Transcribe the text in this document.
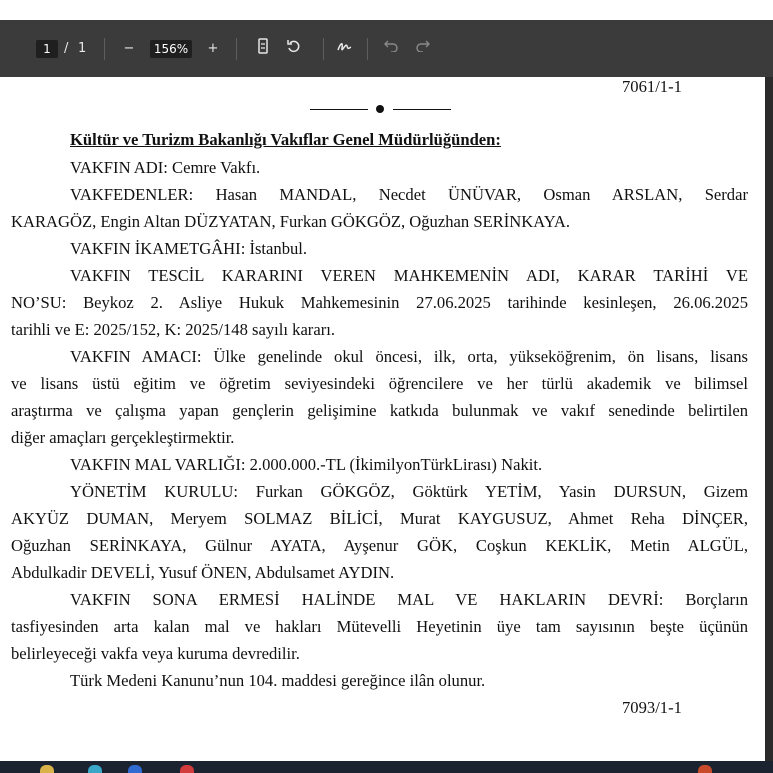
1	/ 1	−	156%	+
7061/1-1
Kültür ve Turizm Bakanlığı Vakıflar Genel Müdürlüğünden:
VAKFIN ADI: Cemre Vakfı.
VAKFEDENLER: Hasan MANDAL, Necdet ÜNÜVAR, Osman ARSLAN, Serdar
KARAGÖZ, Engin Altan DÜZYATAN, Furkan GÖKGÖZ, Oğuzhan SERİNKAYA.
VAKFIN İKAMETGÂHI: İstanbul.
VAKFIN TESCİL KARARINI VEREN MAHKEMENİN ADI, KARAR TARİHİ VE
NO’SU: Beykoz 2. Asliye Hukuk Mahkemesinin 27.06.2025 tarihinde kesinleşen, 26.06.2025
tarihli ve E: 2025/152, K: 2025/148 sayılı kararı.
VAKFIN AMACI: Ülke genelinde okul öncesi, ilk, orta, yükseköğrenim, ön lisans, lisans
ve lisans üstü eğitim ve öğretim seviyesindeki öğrencilere ve her türlü akademik ve bilimsel
araştırma ve çalışma yapan gençlerin gelişimine katkıda bulunmak ve vakıf senedinde belirtilen
diğer amaçları gerçekleştirmektir.
VAKFIN MAL VARLIĞI: 2.000.000.-TL (İkimilyonTürkLirası) Nakit.
YÖNETİM KURULU: Furkan GÖKGÖZ, Göktürk YETİM, Yasin DURSUN, Gizem
AKYÜZ DUMAN, Meryem SOLMAZ BİLİCİ, Murat KAYGUSUZ, Ahmet Reha DİNÇER,
Oğuzhan SERİNKAYA, Gülnur AYATA, Ayşenur GÖK, Coşkun KEKLİK, Metin ALGÜL,
Abdulkadir DEVELİ, Yusuf ÖNEN, Abdulsamet AYDIN.
VAKFIN SONA ERMESİ HALİNDE MAL VE HAKLARIN DEVRİ: Borçların
tasfiyesinden arta kalan mal ve hakları Mütevelli Heyetinin üye tam sayısının beşte üçünün
belirleyeceği vakfa veya kuruma devredilir.
Türk Medeni Kanunu’nun 104. maddesi gereğince ilân olunur.
7093/1-1
